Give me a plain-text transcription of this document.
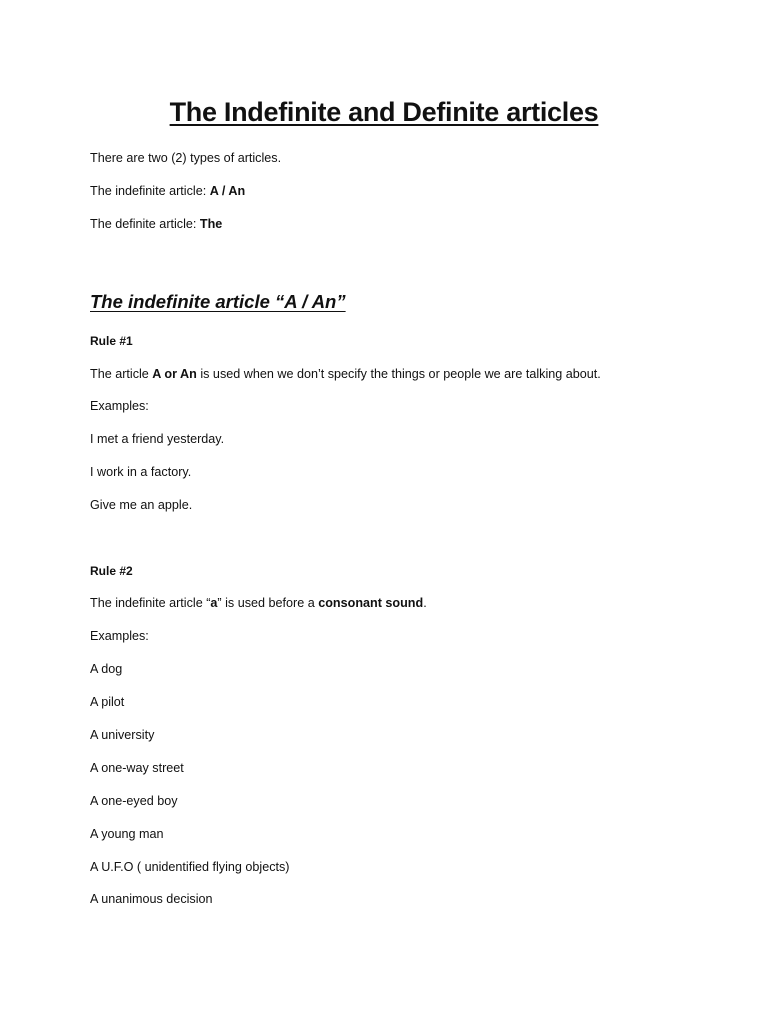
The Indefinite and Definite articles

There are two (2) types of articles.

The indefinite article: A / An

The definite article: The

The indefinite article “A / An”

Rule #1

The article A or An is used when we don’t specify the things or people we are talking about.

Examples:

I met a friend yesterday.

I work in a factory.

Give me an apple.

Rule #2

The indefinite article “a” is used before a consonant sound.

Examples:

A dog

A pilot

A university

A one-way street

A one-eyed boy

A young man

A U.F.O ( unidentified flying objects)

A unanimous decision
